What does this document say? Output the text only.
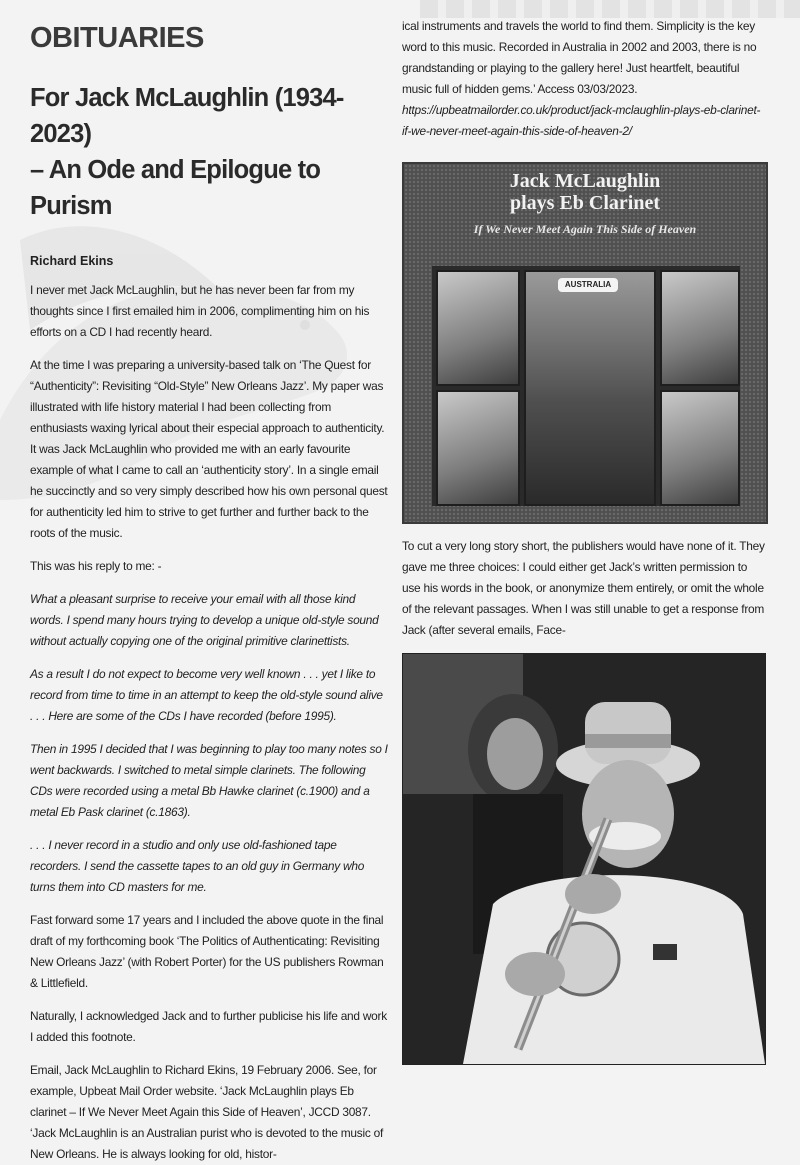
OBITUARIES
For Jack McLaughlin (1934-2023)
– An Ode and Epilogue to Purism
Richard Ekins

I never met Jack McLaughlin, but he has never been far from my thoughts since I first emailed him in 2006, complimenting him on his efforts on a CD I had recently heard.

At the time I was preparing a university-based talk on ‘The Quest for “Authenticity”: Revisiting “Old-Style” New Orleans Jazz’. My paper was illustrated with life history material I had been collecting from enthusiasts waxing lyrical about their especial approach to authenticity. It was Jack McLaughlin who provided me with an early favourite example of what I came to call an ‘authenticity story’. In a single email he succinctly and so very simply described how his own personal quest for authenticity led him to strive to get further and further back to the roots of the music.

This was his reply to me: -

What a pleasant surprise to receive your email with all those kind words. I spend many hours trying to develop a unique old-style sound without actually copying one of the original primitive clarinettists.

As a result I do not expect to become very well known . . . yet I like to record from time to time in an attempt to keep the old-style sound alive . . . Here are some of the CDs I have recorded (before 1995).

Then in 1995 I decided that I was beginning to play too many notes so I went backwards. I switched to metal simple clarinets. The following CDs were recorded using a metal Bb Hawke clarinet (c.1900) and a metal Eb Pask clarinet (c.1863).

. . . I never record in a studio and only use old-fashioned tape recorders. I send the cassette tapes to an old guy in Germany who turns them into CD masters for me.

Fast forward some 17 years and I included the above quote in the final draft of my forthcoming book ‘The Politics of Authenticating: Revisiting New Orleans Jazz’ (with Robert Porter) for the US publishers Rowman & Littlefield.

Naturally, I acknowledged Jack and to further publicise his life and work I added this footnote.

Email, Jack McLaughlin to Richard Ekins, 19 February 2006. See, for example, Upbeat Mail Order website. ‘Jack McLaughlin plays Eb clarinet – If We Never Meet Again this Side of Heaven’, JCCD 3087. ‘Jack McLaughlin is an Australian purist who is devoted to the music of New Orleans. He is always looking for old, histor-

ical instruments and travels the world to find them. Simplicity is the key word to this music. Recorded in Australia in 2002 and 2003, there is no grandstanding or playing to the gallery here! Just heartfelt, beautiful music full of hidden gems.’ Access 03/03/2023. https://upbeatmailorder.co.uk/product/jack-mclaughlin-plays-eb-clarinet-if-we-never-meet-again-this-side-of-heaven-2/

Jack McLaughlin
plays Eb Clarinet
If We Never Meet Again This Side of Heaven
AUSTRALIA

To cut a very long story short, the publishers would have none of it. They gave me three choices: I could either get Jack’s written permission to use his words in the book, or anonymize them entirely, or omit the whole of the relevant passages. When I was still unable to get a response from Jack (after several emails, Face-
